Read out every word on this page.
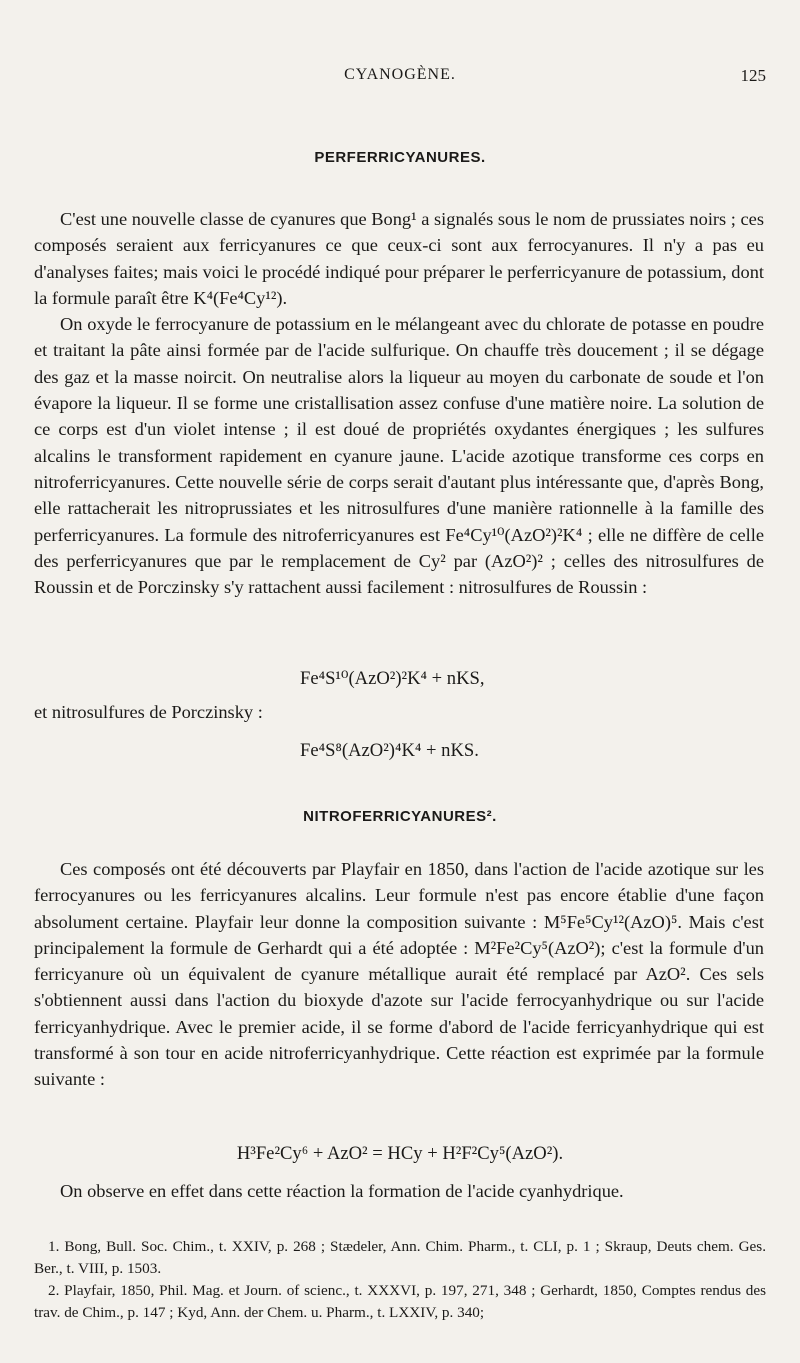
CYANOGÈNE.	125
PERFERRICYANURES.

C'est une nouvelle classe de cyanures que Bong¹ a signalés sous le nom de prussiates noirs ; ces composés seraient aux ferricyanures ce que ceux-ci sont aux ferrocyanures. Il n'y a pas eu d'analyses faites; mais voici le procédé indiqué pour préparer le perferricyanure de potassium, dont la formule paraît être K⁴(Fe⁴Cy¹²).

On oxyde le ferrocyanure de potassium en le mélangeant avec du chlorate de potasse en poudre et traitant la pâte ainsi formée par de l'acide sulfurique. On chauffe très doucement ; il se dégage des gaz et la masse noircit. On neutralise alors la liqueur au moyen du carbonate de soude et l'on évapore la liqueur. Il se forme une cristallisation assez confuse d'une matière noire. La solution de ce corps est d'un violet intense ; il est doué de propriétés oxydantes énergiques ; les sulfures alcalins le transforment rapidement en cyanure jaune. L'acide azotique transforme ces corps en nitroferricyanures. Cette nouvelle série de corps serait d'autant plus intéressante que, d'après Bong, elle rattacherait les nitroprussiates et les nitrosulfures d'une manière rationnelle à la famille des perferricyanures. La formule des nitroferricyanures est Fe⁴Cy¹⁰(AzO²)²K⁴ ; elle ne diffère de celle des perferricyanures que par le remplacement de Cy² par (AzO²)² ; celles des nitrosulfures de Roussin et de Porczinsky s'y rattachent aussi facilement : nitrosulfures de Roussin :

Fe⁴S¹⁰(AzO²)²K⁴ + nKS,
et nitrosulfures de Porczinsky :
Fe⁴S⁸(AzO²)⁴K⁴ + nKS.
NITROFERRICYANURES².

Ces composés ont été découverts par Playfair en 1850, dans l'action de l'acide azotique sur les ferrocyanures ou les ferricyanures alcalins. Leur formule n'est pas encore établie d'une façon absolument certaine. Playfair leur donne la composition suivante : M⁵Fe⁵Cy¹²(AzO)⁵. Mais c'est principalement la formule de Gerhardt qui a été adoptée : M²Fe²Cy⁵(AzO²); c'est la formule d'un ferricyanure où un équivalent de cyanure métallique aurait été remplacé par AzO². Ces sels s'obtiennent aussi dans l'action du bioxyde d'azote sur l'acide ferrocyanhydrique ou sur l'acide ferricyanhydrique. Avec le premier acide, il se forme d'abord de l'acide ferricyanhydrique qui est transformé à son tour en acide nitroferricyanhydrique. Cette réaction est exprimée par la formule suivante :

H³Fe²Cy⁶ + AzO² = HCy + H²F²Cy⁵(AzO²).

On observe en effet dans cette réaction la formation de l'acide cyanhydrique.

1. Bong, Bull. Soc. Chim., t. XXIV, p. 268 ; Stædeler, Ann. Chim. Pharm., t. CLI, p. 1 ; Skraup, Deuts chem. Ges. Ber., t. VIII, p. 1503.

2. Playfair, 1850, Phil. Mag. et Journ. of scienc., t. XXXVI, p. 197, 271, 348 ; Gerhardt, 1850, Comptes rendus des trav. de Chim., p. 147 ; Kyd, Ann. der Chem. u. Pharm., t. LXXIV, p. 340;
